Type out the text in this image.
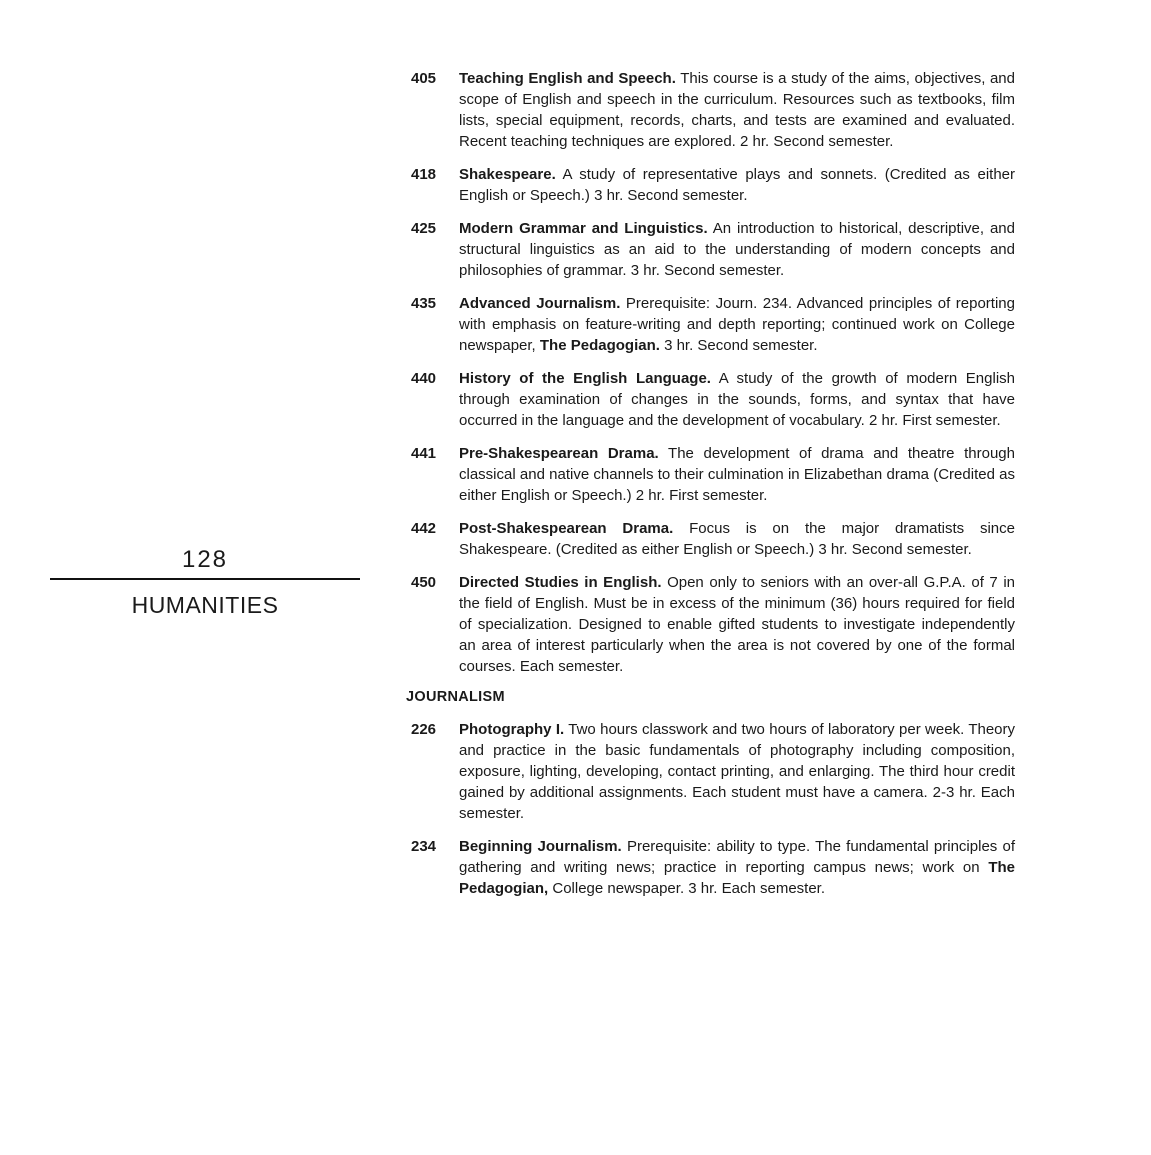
128
HUMANITIES
405	Teaching English and Speech. This course is a study of the aims, objectives, and scope of English and speech in the curriculum. Resources such as textbooks, film lists, special equipment, records, charts, and tests are examined and evaluated. Recent teaching techniques are explored. 2 hr. Second semester.
418	Shakespeare. A study of representative plays and sonnets. (Credited as either English or Speech.) 3 hr. Second semester.
425	Modern Grammar and Linguistics. An introduction to historical, descriptive, and structural linguistics as an aid to the understanding of modern concepts and philosophies of grammar. 3 hr. Second semester.
435	Advanced Journalism. Prerequisite: Journ. 234. Advanced principles of reporting with emphasis on feature-writing and depth reporting; continued work on College newspaper, The Pedagogian. 3 hr. Second semester.
440	History of the English Language. A study of the growth of modern English through examination of changes in the sounds, forms, and syntax that have occurred in the language and the development of vocabulary. 2 hr. First semester.
441	Pre-Shakespearean Drama. The development of drama and theatre through classical and native channels to their culmination in Elizabethan drama (Credited as either English or Speech.) 2 hr. First semester.
442	Post-Shakespearean Drama. Focus is on the major dramatists since Shakespeare. (Credited as either English or Speech.) 3 hr. Second semester.
450	Directed Studies in English. Open only to seniors with an over-all G.P.A. of 7 in the field of English. Must be in excess of the minimum (36) hours required for field of specialization. Designed to enable gifted students to investigate independently an area of interest particularly when the area is not covered by one of the formal courses. Each semester.
JOURNALISM
226	Photography I. Two hours classwork and two hours of laboratory per week. Theory and practice in the basic fundamentals of photography including composition, exposure, lighting, developing, contact printing, and enlarging. The third hour credit gained by additional assignments. Each student must have a camera. 2-3 hr. Each semester.
234	Beginning Journalism. Prerequisite: ability to type. The fundamental principles of gathering and writing news; practice in reporting campus news; work on The Pedagogian, College newspaper. 3 hr. Each semester.
